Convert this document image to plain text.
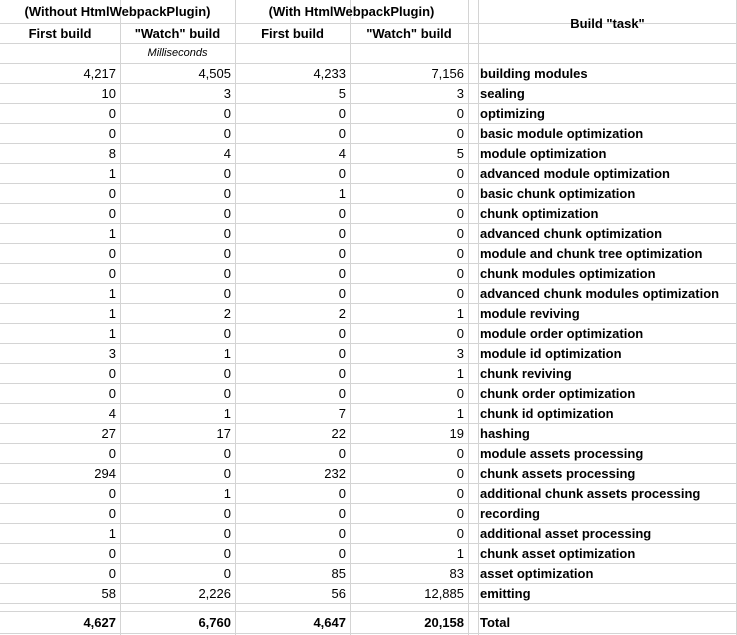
(Without HtmlWebpackPlugin)	(With HtmlWebpackPlugin)
Build "task"
First build	"Watch" build	First build	"Watch" build
Milliseconds
4,217	4,505	4,233	7,156	building modules
10	3	5	3	sealing
0	0	0	0	optimizing
0	0	0	0	basic module optimization
8	4	4	5	module optimization
1	0	0	0	advanced module optimization
0	0	1	0	basic chunk optimization
0	0	0	0	chunk optimization
1	0	0	0	advanced chunk optimization
0	0	0	0	module and chunk tree optimization
0	0	0	0	chunk modules optimization
1	0	0	0	advanced chunk modules optimization
1	2	2	1	module reviving
1	0	0	0	module order optimization
3	1	0	3	module id optimization
0	0	0	1	chunk reviving
0	0	0	0	chunk order optimization
4	1	7	1	chunk id optimization
27	17	22	19	hashing
0	0	0	0	module assets processing
294	0	232	0	chunk assets processing
0	1	0	0	additional chunk assets processing
0	0	0	0	recording
1	0	0	0	additional asset processing
0	0	0	1	chunk asset optimization
0	0	85	83	asset optimization
58	2,226	56	12,885	emitting
4,627	6,760	4,647	20,158	Total
